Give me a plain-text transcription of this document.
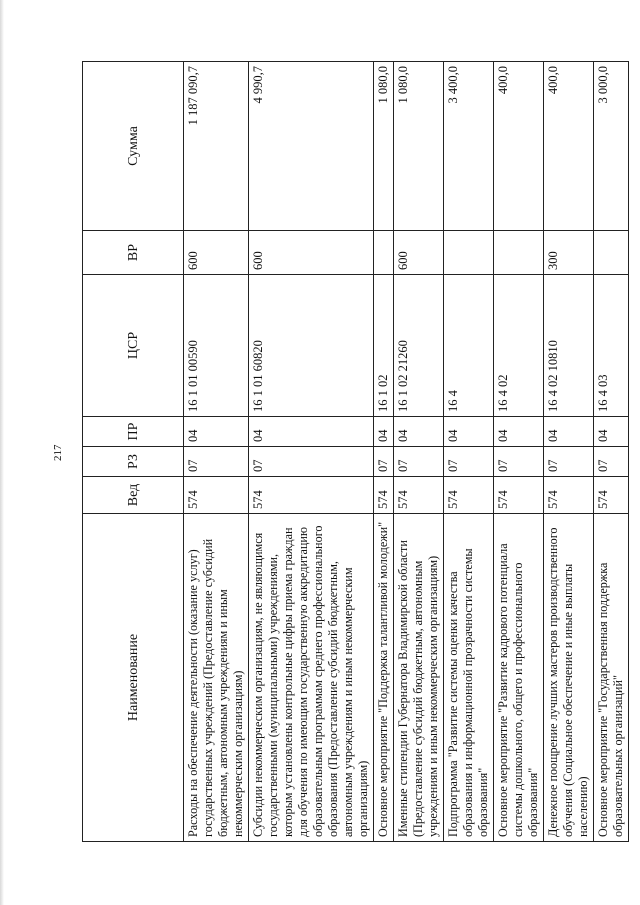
217
Наименование	Вед	РЗ	ПР	ЦСР	ВР	Сумма
Расходы на обеспечение деятельности (оказание услуг) государственных учреждений (Предоставление субсидий бюджетным, автономным учреждениям и иным некоммерческим организациям)	574	07	04	16 1 01 00590	600	1 187 090,7
Субсидии некоммерческим организациям, не являющимся государственными (муниципальными) учреждениями, которым установлены контрольные цифры приема граждан для обучения по имеющим государственную аккредитацию образовательным программам среднего профессионального образования (Предоставление субсидий бюджетным, автономным учреждениям и иным некоммерческим организациям)	574	07	04	16 1 01 60820	600	4 990,7
Основное мероприятие "Поддержка талантливой молодежи"	574	07	04	16 1 02		1 080,0
Именные стипендии Губернатора Владимирской области (Предоставление субсидий бюджетным, автономным учреждениям и иным некоммерческим организациям)	574	07	04	16 1 02 21260	600	1 080,0
Подпрограмма "Развитие системы оценки качества образования и информационной прозрачности системы образования"	574	07	04	16 4		3 400,0
Основное мероприятие "Развитие кадрового потенциала системы дошкольного, общего и профессионального образования"	574	07	04	16 4 02		400,0
Денежное поощрение лучших мастеров производственного обучения (Социальное обеспечение и иные выплаты населению)	574	07	04	16 4 02 10810	300	400,0
Основное мероприятие "Государственная поддержка образовательных организаций"	574	07	04	16 4 03		3 000,0
